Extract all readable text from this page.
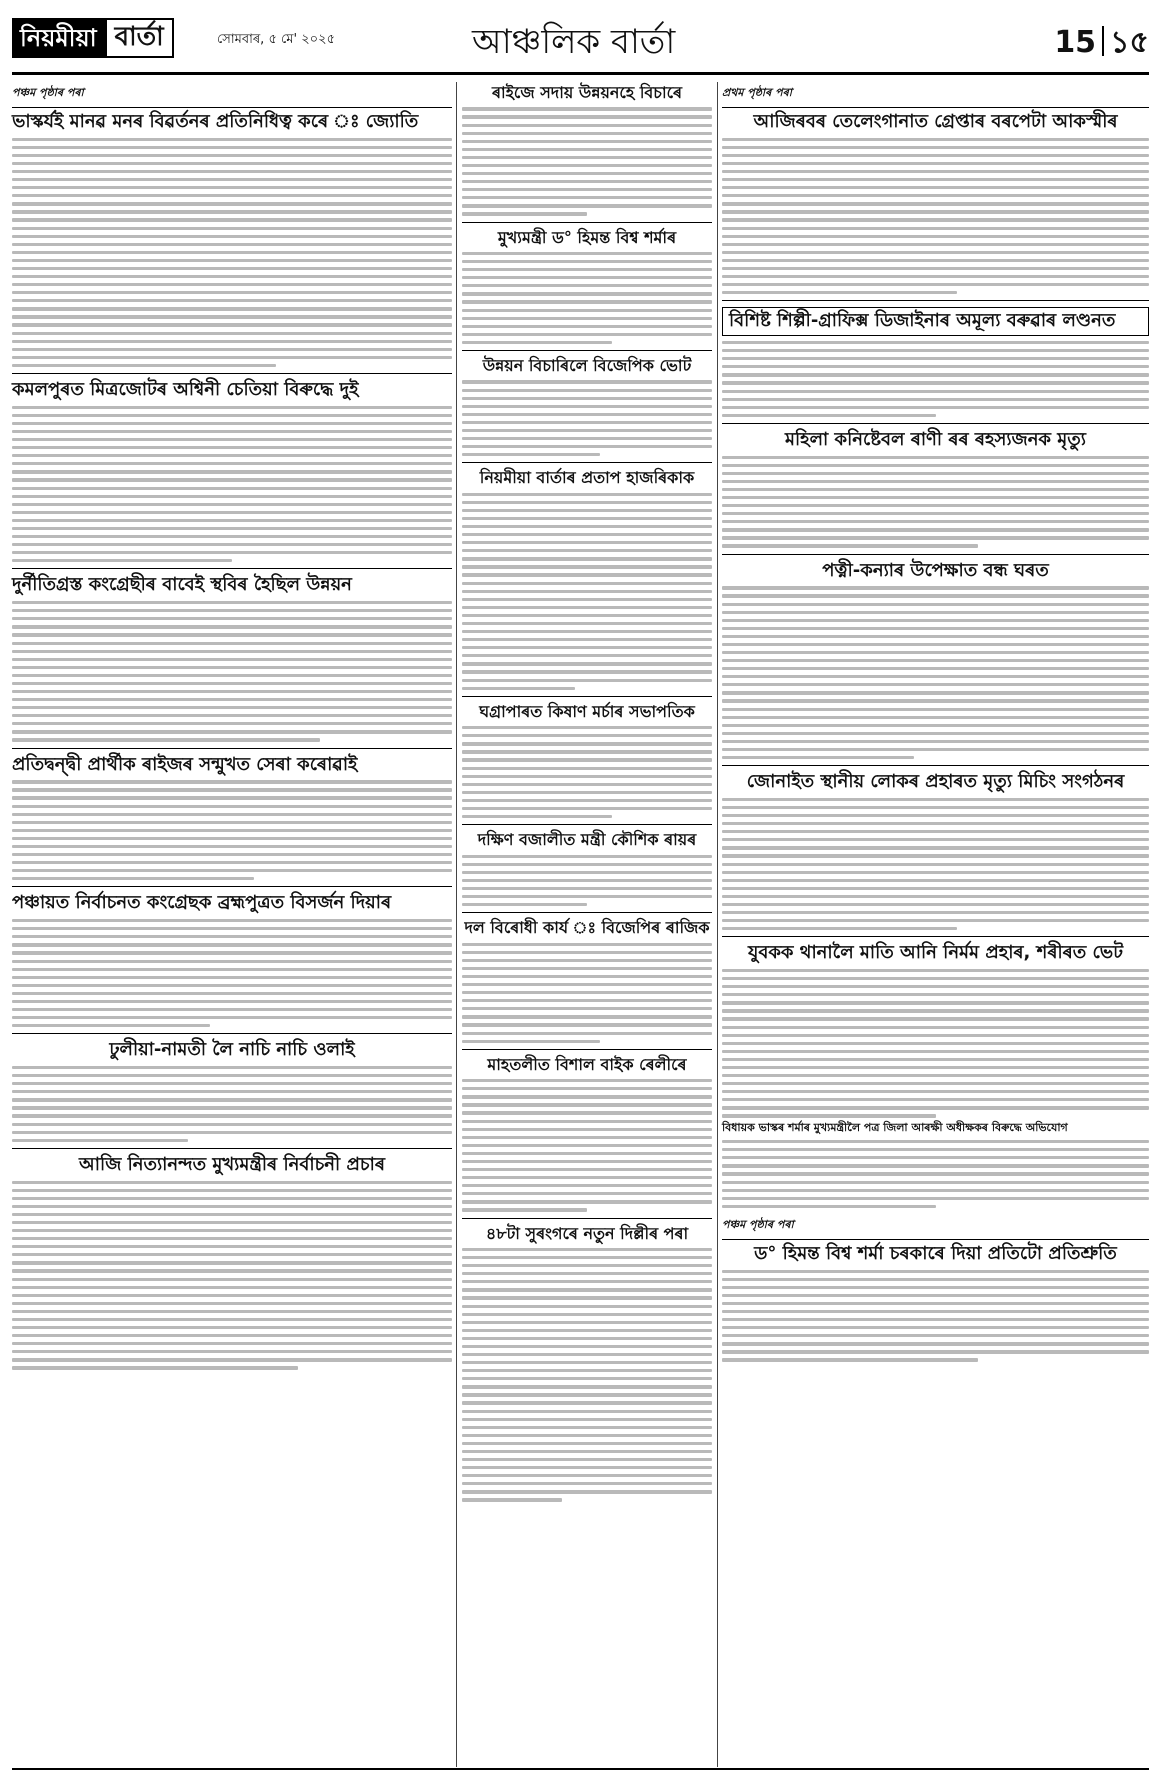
নিয়মীয়া বাৰ্তা	সোমবাৰ, ৫ মে' ২০২৫	আঞ্চলিক বাৰ্তা	15 ১৫
পঞ্চম পৃষ্ঠাৰ পৰা
ভাস্কৰ্যই মানৱ মনৰ বিৱৰ্তনৰ প্ৰতিনিধিত্ব কৰে ঃ জ্যোতি
কমলপুৰত মিত্ৰজোটৰ অশ্বিনী চেতিয়া বিৰুদ্ধে দুই
দুৰ্নীতিগ্ৰস্ত কংগ্ৰেছীৰ বাবেই স্থবিৰ হৈছিল উন্নয়ন
প্ৰতিদ্বন্দ্বী প্ৰাৰ্থীক ৰাইজৰ সন্মুখত সেৰা কৰোৱাই
পঞ্চায়ত নিৰ্বাচনত কংগ্ৰেছক ব্ৰহ্মপুত্ৰত বিসৰ্জন দিয়াৰ
ঢুলীয়া-নামতী লৈ নাচি নাচি ওলাই
আজি নিত্যানন্দত মুখ্যমন্ত্ৰীৰ নিৰ্বাচনী প্ৰচাৰ
ৰাইজে সদায় উন্নয়নহে বিচাৰে
মুখ্যমন্ত্ৰী ড° হিমন্ত বিশ্ব শৰ্মাৰ
উন্নয়ন বিচাৰিলে বিজেপিক ভোট
নিয়মীয়া বাৰ্তাৰ প্ৰতাপ হাজৰিকাক
ঘগ্ৰাপাৰত কিষাণ মৰ্চাৰ সভাপতিক
দক্ষিণ বজালীত মন্ত্ৰী কৌশিক ৰায়ৰ
দল বিৰোধী কাৰ্য ঃ বিজেপিৰ ৰাজিক
মাহতলীত বিশাল বাইক ৰেলীৰে
৪৮টা সুৰংগৰে নতুন দিল্লীৰ পৰা
প্ৰথম পৃষ্ঠাৰ পৰা
আজিৰবৰ তেলেংগানাত গ্ৰেপ্তাৰ বৰপেটা আকস্মীৰ
বিশিষ্ট শিল্পী-গ্ৰাফিক্স ডিজাইনাৰ অমূল্য বৰুৱাৰ লণ্ডনত
মহিলা কনিষ্টেবল ৰাণী ৰৰ ৰহস্যজনক মৃত্যু
পত্নী-কন্যাৰ উপেক্ষাত বন্ধ ঘৰত
জোনাইত স্থানীয় লোকৰ প্ৰহাৰত মৃত্যু মিচিং সংগঠনৰ
যুবকক থানালৈ মাতি আনি নিৰ্মম প্ৰহাৰ, শৰীৰত ভেট
বিধায়ক ভাস্কৰ শৰ্মাৰ মুখ্যমন্ত্ৰীলৈ পত্ৰ জিলা আৰক্ষী অধীক্ষকৰ বিৰুদ্ধে অভিযোগ
পঞ্চম পৃষ্ঠাৰ পৰা
ড° হিমন্ত বিশ্ব শৰ্মা চৰকাৰে দিয়া প্ৰতিটো প্ৰতিশ্ৰুতি
